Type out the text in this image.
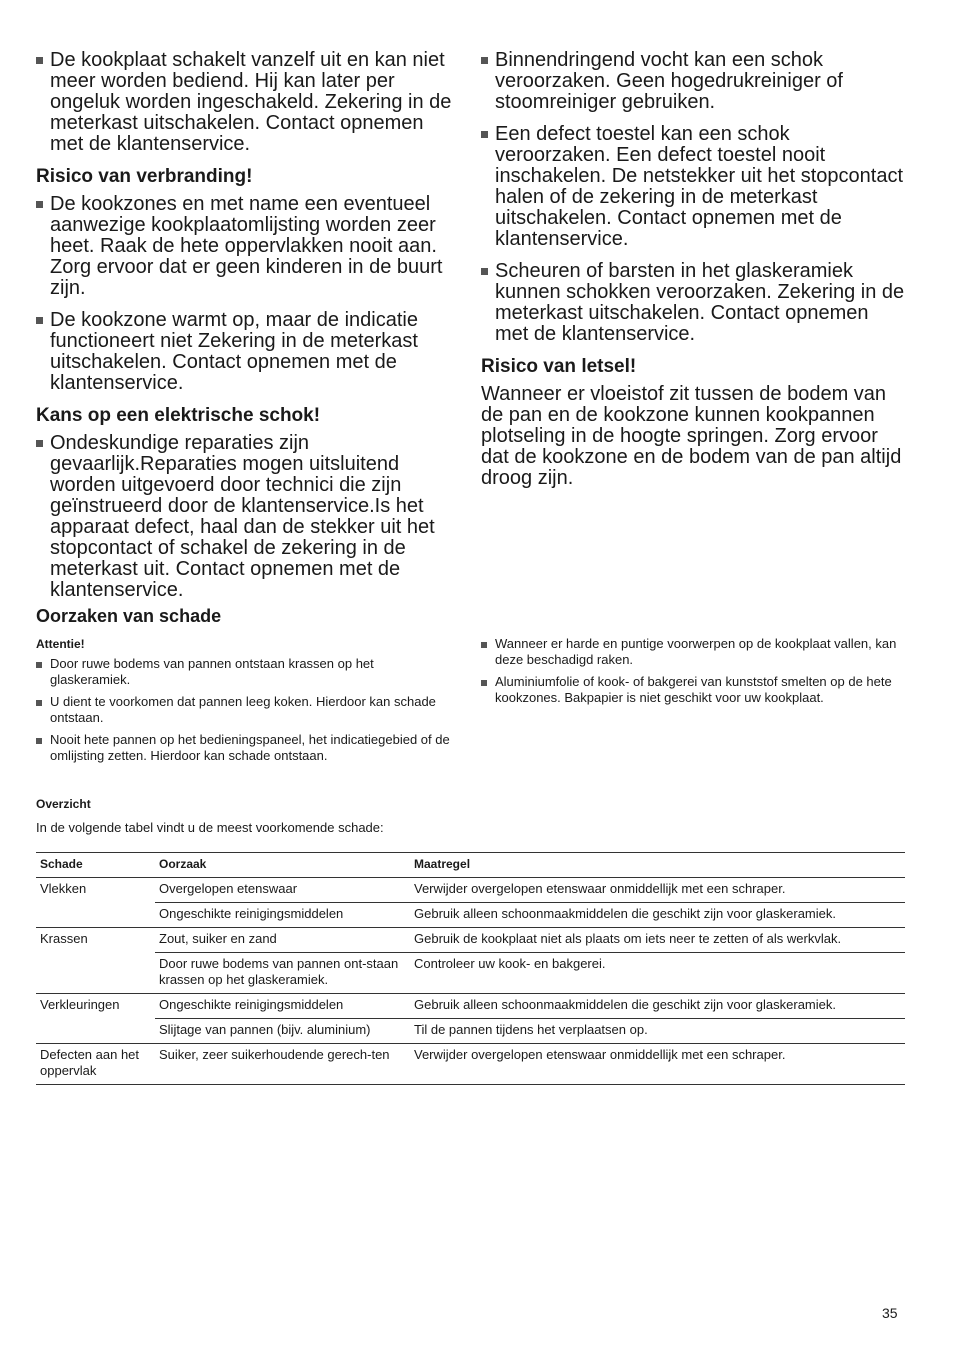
De kookplaat schakelt vanzelf uit en kan niet meer worden bediend. Hij kan later per ongeluk worden ingeschakeld. Zekering in de meterkast uitschakelen. Contact opnemen met de klantenservice.
Risico van verbranding!
De kookzones en met name een eventueel aanwezige kookplaatomlijsting worden zeer heet. Raak de hete oppervlakken nooit aan. Zorg ervoor dat er geen kinderen in de buurt zijn.
De kookzone warmt op, maar de indicatie functioneert niet Zekering in de meterkast uitschakelen. Contact opnemen met de klantenservice.
Kans op een elektrische schok!
Ondeskundige reparaties zijn gevaarlijk.Reparaties mogen uitsluitend worden uitgevoerd door technici die zijn geïnstrueerd door de klantenservice.Is het apparaat defect, haal dan de stekker uit het stopcontact of schakel de zekering in de meterkast uit. Contact opnemen met de klantenservice.
Binnendringend vocht kan een schok veroorzaken. Geen hogedrukreiniger of stoomreiniger gebruiken.
Een defect toestel kan een schok veroorzaken. Een defect toestel nooit inschakelen. De netstekker uit het stopcontact halen of de zekering in de meterkast uitschakelen. Contact opnemen met de klantenservice.
Scheuren of barsten in het glaskeramiek kunnen schokken veroorzaken. Zekering in de meterkast uitschakelen. Contact opnemen met de klantenservice.
Risico van letsel!

Wanneer er vloeistof zit tussen de bodem van de pan en de kookzone kunnen kookpannen plotseling in de hoogte springen. Zorg ervoor dat de kookzone en de bodem van de pan altijd droog zijn.

Oorzaken van schade
Attentie!
Door ruwe bodems van pannen ontstaan krassen op het glaskeramiek.
U dient te voorkomen dat pannen leeg koken. Hierdoor kan schade ontstaan.
Nooit hete pannen op het bedieningspaneel, het indicatiegebied of de omlijsting zetten. Hierdoor kan schade ontstaan.
Wanneer er harde en puntige voorwerpen op de kookplaat vallen, kan deze beschadigd raken.
Aluminiumfolie of kook- of bakgerei van kunststof smelten op de hete kookzones. Bakpapier is niet geschikt voor uw kookplaat.
Overzicht
In de volgende tabel vindt u de meest voorkomende schade:
Schade	Oorzaak	Maatregel
Vlekken	Overgelopen etenswaar	Verwijder overgelopen etenswaar onmiddellijk met een schraper.
	Ongeschikte reinigingsmiddelen	Gebruik alleen schoonmaakmiddelen die geschikt zijn voor glaskeramiek.
Krassen	Zout, suiker en zand	Gebruik de kookplaat niet als plaats om iets neer te zetten of als werkvlak.
	Door ruwe bodems van pannen ont-staan krassen op het glaskeramiek.	Controleer uw kook- en bakgerei.
Verkleuringen	Ongeschikte reinigingsmiddelen	Gebruik alleen schoonmaakmiddelen die geschikt zijn voor glaskeramiek.
	Slijtage van pannen (bijv. aluminium)	Til de pannen tijdens het verplaatsen op.
Defecten aan het oppervlak	Suiker, zeer suikerhoudende gerech-ten	Verwijder overgelopen etenswaar onmiddellijk met een schraper.
35
